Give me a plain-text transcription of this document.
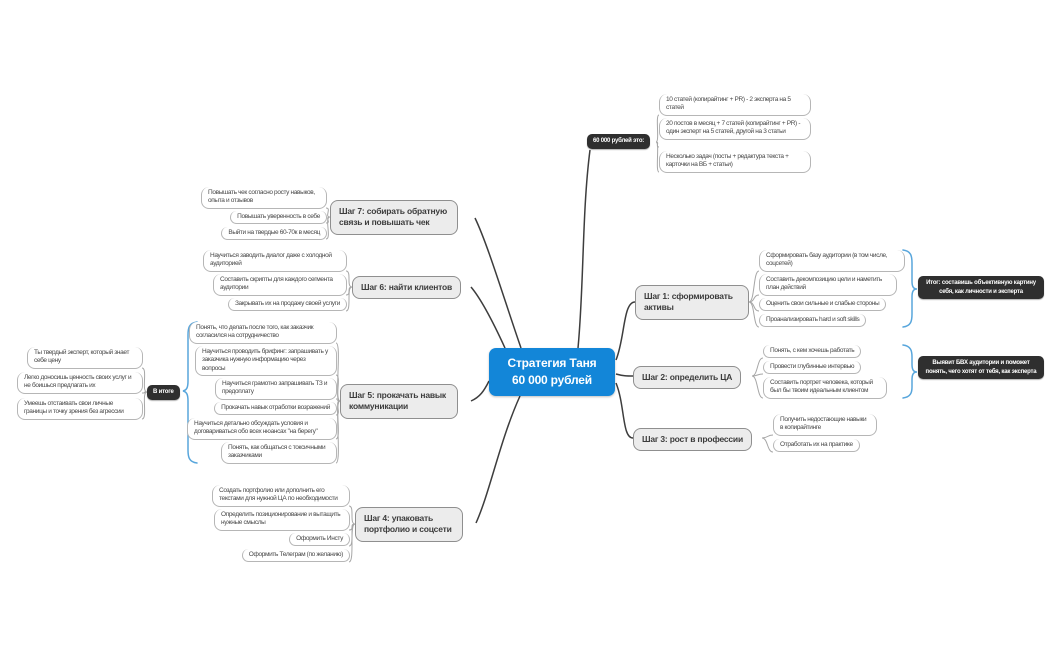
Стратегия Таня
60 000 рублей
60 000 рублей это:
10 статей (копирайтинг + PR) - 2 эксперта на 5 статей
20 постов в месяц + 7 статей (копирайтинг + PR) - один эксперт на 5 статей, другой на 3 статьи
Несколько задач (посты + редактура текста + карточки на ВБ + статьи)
Шаг 1: сформировать активы
Сформировать базу аудитории (в том числе, соцсетей)
Составить декомпозицию цели и наметить план действий
Оценить свои сильные и слабые стороны
Проанализировать hard и soft skills
Итог: составишь объективную картину себя, как личности и эксперта
Шаг 2: определить ЦА
Понять, с кем хочешь работать
Провести глубинные интервью
Составить портрет человека, который был бы твоим идеальным клиентом
Выявит БВХ аудитории и поможет понять, чего хотят от тебя, как эксперта
Шаг 3: рост в профессии
Получить недостающие навыки в копирайтинге
Отработать их на практике
Шаг 7: собирать обратную связь и повышать чек
Повышать чек согласно росту навыков, опыта и отзывов
Повышать уверенность в себе
Выйти на твердые 60-70к в месяц
Шаг 6: найти клиентов
Научиться заводить диалог даже с холодной аудиторией
Составить скрипты для каждого сегмента аудитории
Закрывать их на продажу своей услуги
Шаг 5: прокачать навык коммуникации
Понять, что делать после того, как заказчик согласился на сотрудничество
Научиться проводить брифинг: запрашивать у заказчика нужную информацию через вопросы
Научиться грамотно запрашивать ТЗ и предоплату
Прокачать навык отработки возражений
Научиться детально обсуждать условия и договариваться обо всех нюансах "на берегу"
Понять, как общаться с токсичными заказчиками
В итоге
Ты твердый эксперт, который знает себе цену
Легко доносишь ценность своих услуг и не боишься предлагать их
Умеешь отстаивать свои личные границы и точку зрения без агрессии
Шаг 4: упаковать портфолио и соцсети
Создать портфолио или дополнить его текстами для нужной ЦА по необходимости
Определить позиционирование и вытащить нужные смыслы
Оформить Инсту
Оформить Телеграм (по желанию)
